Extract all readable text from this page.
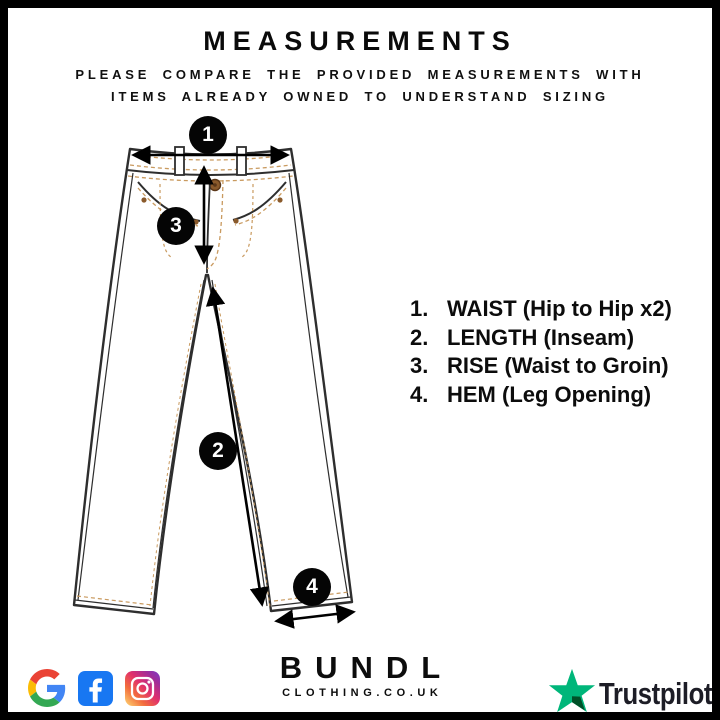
MEASUREMENTS

PLEASE COMPARE THE PROVIDED MEASUREMENTS WITH
ITEMS ALREADY OWNED TO UNDERSTAND SIZING

1
3
2
4
1. WAIST (Hip to Hip x2)
2. LENGTH (Inseam)
3. RISE (Waist to Groin)
4. HEM (Leg Opening)
BUNDL
CLOTHING.CO.UK	Trustpilot
